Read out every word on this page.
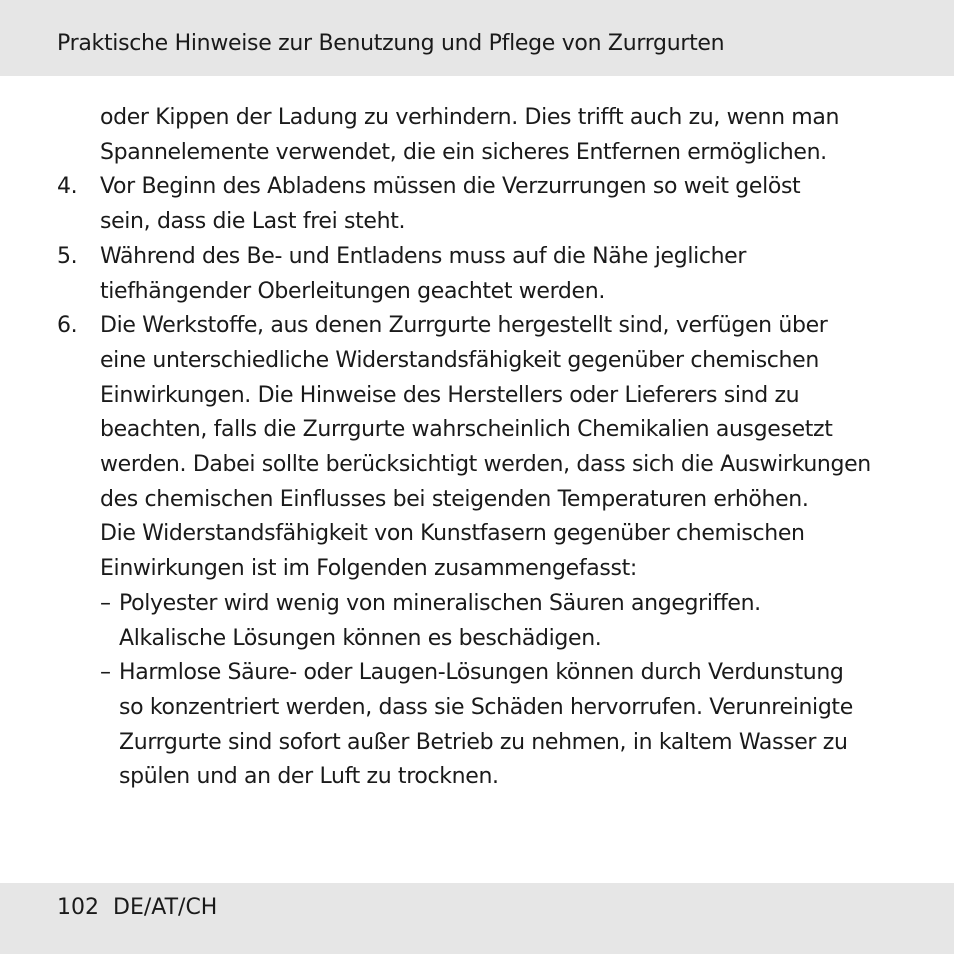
Praktische Hinweise zur Benutzung und Pflege von Zurrgurten
oder Kippen der Ladung zu verhindern. Dies trifft auch zu, wenn man
Spannelemente verwendet, die ein sicheres Entfernen ermöglichen.
4. Vor Beginn des Abladens müssen die Verzurrungen so weit gelöst
sein, dass die Last frei steht.
5. Während des Be- und Entladens muss auf die Nähe jeglicher
tiefhängender Oberleitungen geachtet werden.
6. Die Werkstoffe, aus denen Zurrgurte hergestellt sind, verfügen über
eine unterschiedliche Widerstandsfähigkeit gegenüber chemischen
Einwirkungen. Die Hinweise des Herstellers oder Lieferers sind zu
beachten, falls die Zurrgurte wahrscheinlich Chemikalien ausgesetzt
werden. Dabei sollte berücksichtigt werden, dass sich die Auswirkungen
des chemischen Einflusses bei steigenden Temperaturen erhöhen.
Die Widerstandsfähigkeit von Kunstfasern gegenüber chemischen
Einwirkungen ist im Folgenden zusammengefasst:
– Polyester wird wenig von mineralischen Säuren angegriffen.
Alkalische Lösungen können es beschädigen.
– Harmlose Säure- oder Laugen-Lösungen können durch Verdunstung
so konzentriert werden, dass sie Schäden hervorrufen. Verunreinigte
Zurrgurte sind sofort außer Betrieb zu nehmen, in kaltem Wasser zu
spülen und an der Luft zu trocknen.
102 DE/AT/CH
